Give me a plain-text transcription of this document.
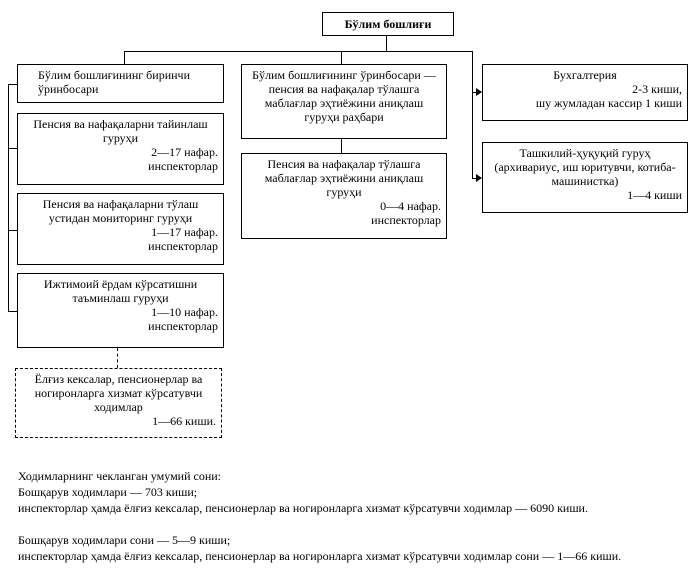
Бўлим бошлиғи
Бўлим бошлиғининг биринчи
ўринбосари
Пенсия ва нафақаларни тайинлаш
гуруҳи
2—17 нафар.
инспекторлар
Пенсия ва нафақаларни тўлаш
устидан мониторинг гуруҳи
1—17 нафар.
инспекторлар
Ижтимоий ёрдам кўрсатишни
таъминлаш гуруҳи
1—10 нафар.
инспекторлар
Ёлғиз кексалар, пенсионерлар ва
ногиронларга хизмат кўрсатувчи
ходимлар
1—66 киши.
Бўлим бошлиғининг ўринбосари —
пенсия ва нафақалар тўлашга
маблағлар эҳтиёжини аниқлаш
гуруҳи раҳбари
Пенсия ва нафақалар тўлашга
маблағлар эҳтиёжини аниқлаш
гуруҳи
0—4 нафар.
инспекторлар
Бухгалтерия
2-3 киши,
шу жумладан кассир 1 киши
Ташкилий-ҳуқуқий гуруҳ
(архивариус, иш юритувчи, котиба-
машинистка)
1—4 киши
Ходимларнинг чекланган умумий сони:
Бошқарув ходимлари — 703 киши;
инспекторлар ҳамда ёлғиз кексалар, пенсионерлар ва ногиронларга хизмат кўрсатувчи ходимлар — 6090 киши.
Бошқарув ходимлари сони — 5—9 киши;
инспекторлар ҳамда ёлғиз кексалар, пенсионерлар ва ногиронларга хизмат кўрсатувчи ходимлар сони — 1—66 киши.
